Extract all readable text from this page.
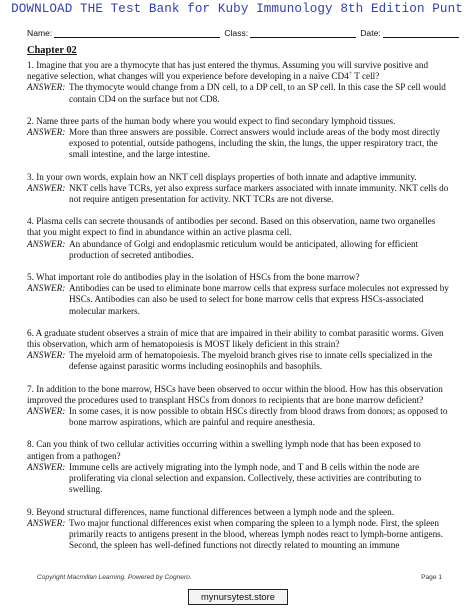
DOWNLOAD THE Test Bank for Kuby Immunology 8th Edition Punt
Name:	Class:	Date:
Chapter 02

1. Imagine that you are a thymocyte that has just entered the thymus. Assuming you will survive positive and negative selection, what changes will you experience before developing in a naïve CD4+ T cell?

ANSWER: The thymocyte would change from a DN cell, to a DP cell, to an SP cell. In this case the SP cell would contain CD4 on the surface but not CD8.

2. Name three parts of the human body where you would expect to find secondary lymphoid tissues.

ANSWER: More than three answers are possible. Correct answers would include areas of the body most directly exposed to potential, outside pathogens, including the skin, the lungs, the upper respiratory tract, the small intestine, and the large intestine.

3. In your own words, explain how an NKT cell displays properties of both innate and adaptive immunity.

ANSWER: NKT cells have TCRs, yet also express surface markers associated with innate immunity. NKT cells do not require antigen presentation for activity. NKT TCRs are not diverse.

4. Plasma cells can secrete thousands of antibodies per second. Based on this observation, name two organelles that you might expect to find in abundance within an active plasma cell.

ANSWER: An abundance of Golgi and endoplasmic reticulum would be anticipated, allowing for efficient production of secreted antibodies.

5. What important role do antibodies play in the isolation of HSCs from the bone marrow?

ANSWER: Antibodies can be used to eliminate bone marrow cells that express surface molecules not expressed by HSCs. Antibodies can also be used to select for bone marrow cells that express HSCs-associated molecular markers.

6. A graduate student observes a strain of mice that are impaired in their ability to combat parasitic worms. Given this observation, which arm of hematopoiesis is MOST likely deficient in this strain?

ANSWER: The myeloid arm of hematopoiesis. The myeloid branch gives rise to innate cells specialized in the defense against parasitic worms including eosinophils and basophils.

7. In addition to the bone marrow, HSCs have been observed to occur within the blood. How has this observation improved the procedures used to transplant HSCs from donors to recipients that are bone marrow deficient?

ANSWER: In some cases, it is now possible to obtain HSCs directly from blood draws from donors; as opposed to bone marrow aspirations, which are painful and require anesthesia.

8. Can you think of two cellular activities occurring within a swelling lymph node that has been exposed to antigen from a pathogen?

ANSWER: Immune cells are actively migrating into the lymph node, and T and B cells within the node are proliferating via clonal selection and expansion. Collectively, these activities are contributing to swelling.

9. Beyond structural differences, name functional differences between a lymph node and the spleen.

ANSWER: Two major functional differences exist when comparing the spleen to a lymph node. First, the spleen primarily reacts to antigens present in the blood, whereas lymph nodes react to lymph-borne antigens. Second, the spleen has well-defined functions not directly related to mounting an immune
Copyright Macmillan Learning. Powered by Cognero.	Page 1
mynursytest.store
